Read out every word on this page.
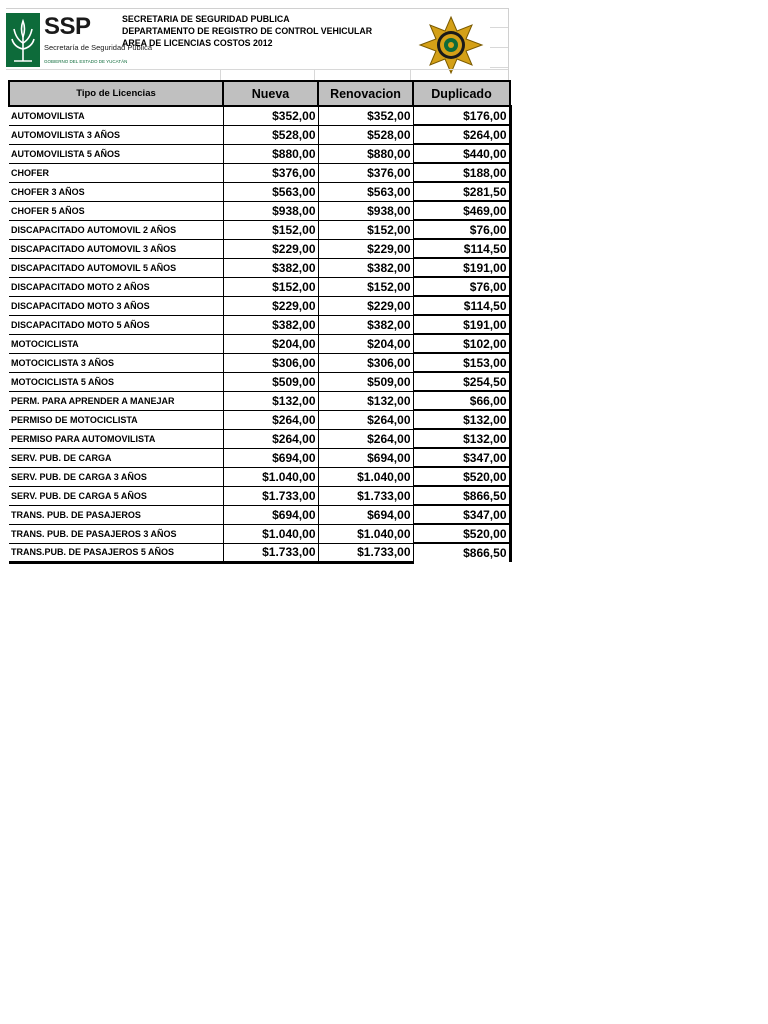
SSP
Secretaría de Seguridad Pública
GOBIERNO DEL ESTADO DE YUCATÁN
SECRETARIA DE SEGURIDAD PUBLICA
DEPARTAMENTO DE REGISTRO DE CONTROL VEHICULAR
AREA DE LICENCIAS COSTOS 2012
Tipo de Licencias	Nueva	Renovacion	Duplicado
AUTOMOVILISTA	$352,00	$352,00	$176,00
AUTOMOVILISTA 3 AÑOS	$528,00	$528,00	$264,00
AUTOMOVILISTA 5 AÑOS	$880,00	$880,00	$440,00
CHOFER	$376,00	$376,00	$188,00
CHOFER 3 AÑOS	$563,00	$563,00	$281,50
CHOFER 5 AÑOS	$938,00	$938,00	$469,00
DISCAPACITADO AUTOMOVIL 2 AÑOS	$152,00	$152,00	$76,00
DISCAPACITADO AUTOMOVIL 3 AÑOS	$229,00	$229,00	$114,50
DISCAPACITADO AUTOMOVIL 5 AÑOS	$382,00	$382,00	$191,00
DISCAPACITADO MOTO 2 AÑOS	$152,00	$152,00	$76,00
DISCAPACITADO MOTO 3 AÑOS	$229,00	$229,00	$114,50
DISCAPACITADO MOTO 5 AÑOS	$382,00	$382,00	$191,00
MOTOCICLISTA	$204,00	$204,00	$102,00
MOTOCICLISTA 3 AÑOS	$306,00	$306,00	$153,00
MOTOCICLISTA 5 AÑOS	$509,00	$509,00	$254,50
PERM. PARA APRENDER A MANEJAR	$132,00	$132,00	$66,00
PERMISO DE MOTOCICLISTA	$264,00	$264,00	$132,00
PERMISO PARA AUTOMOVILISTA	$264,00	$264,00	$132,00
SERV. PUB. DE CARGA	$694,00	$694,00	$347,00
SERV. PUB. DE CARGA 3 AÑOS	$1.040,00	$1.040,00	$520,00
SERV. PUB. DE CARGA 5 AÑOS	$1.733,00	$1.733,00	$866,50
TRANS. PUB. DE PASAJEROS	$694,00	$694,00	$347,00
TRANS. PUB. DE PASAJEROS 3 AÑOS	$1.040,00	$1.040,00	$520,00
TRANS.PUB. DE PASAJEROS 5 AÑOS	$1.733,00	$1.733,00	$866,50
